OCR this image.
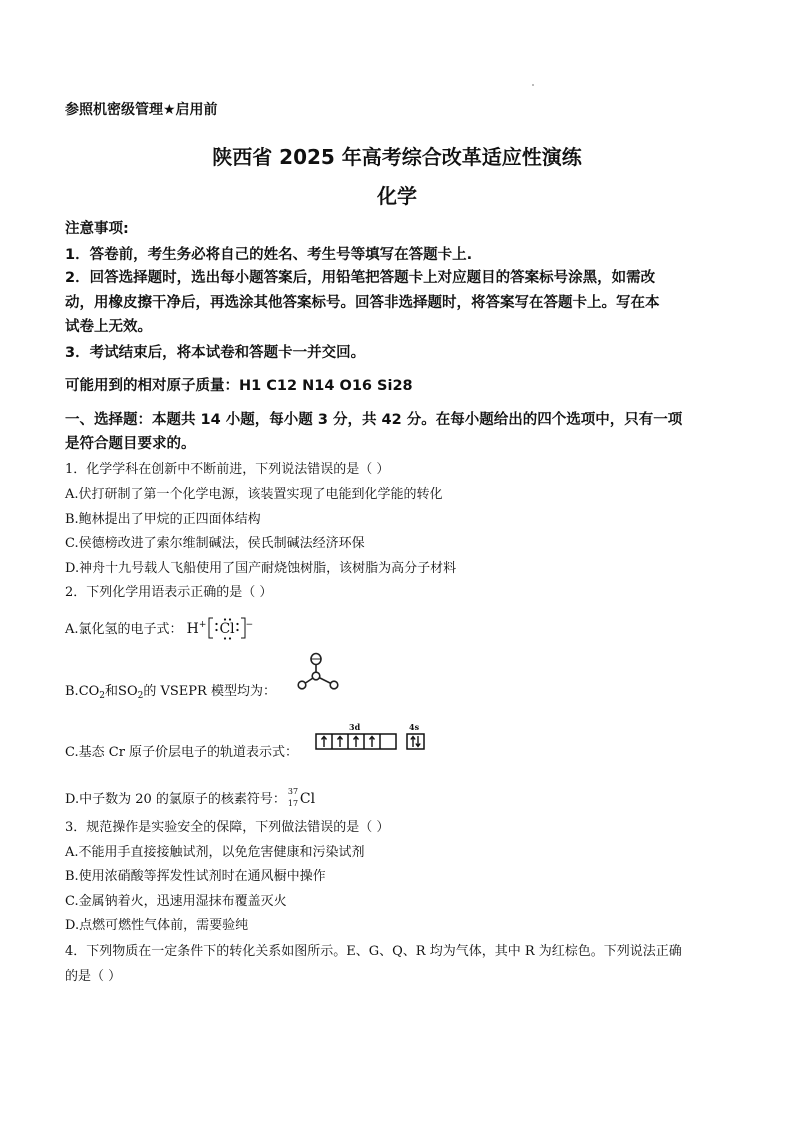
参照机密级管理★启用前
陕西省 2025 年高考综合改革适应性演练
化学
注意事项:
1．答卷前，考生务必将自己的姓名、考生号等填写在答题卡上.
2．回答选择题时，选出每小题答案后，用铅笔把答题卡上对应题目的答案标号涂黑，如需改
动，用橡皮擦干净后，再选涂其他答案标号。回答非选择题时，将答案写在答题卡上。写在本
试卷上无效。
3．考试结束后，将本试卷和答题卡一并交回。
可能用到的相对原子质量：H1 C12 N14 O16 Si28
一、选择题：本题共 14 小题，每小题 3 分，共 42 分。在每小题给出的四个选项中，只有一项
是符合题目要求的。
1．化学学科在创新中不断前进，下列说法错误的是（ ）
A.伏打研制了第一个化学电源，该装置实现了电能到化学能的转化
B.鲍林提出了甲烷的正四面体结构
C.侯德榜改进了索尔维制碱法，侯氏制碱法经济环保
D.神舟十九号载人飞船使用了国产耐烧蚀树脂，该树脂为高分子材料
2．下列化学用语表示正确的是（ ）
A.氯化氢的电子式： H+ Cl −
$B.CO_2$和$SO_2$的 VSEPR 模型均为：
C.基态 Cr 原子价层电子的轨道表示式：
3d	4s
D.中子数为 20 的氯原子的核素符号：
37
17 Cl
3．规范操作是实验安全的保障，下列做法错误的是（ ）
A.不能用手直接接触试剂，以免危害健康和污染试剂
B.使用浓硝酸等挥发性试剂时在通风橱中操作
C.金属钠着火，迅速用湿抹布覆盖灭火
D.点燃可燃性气体前，需要验纯
4．下列物质在一定条件下的转化关系如图所示。E、G、Q、R 均为气体，其中 R 为红棕色。下列说法正确
的是（ ）
